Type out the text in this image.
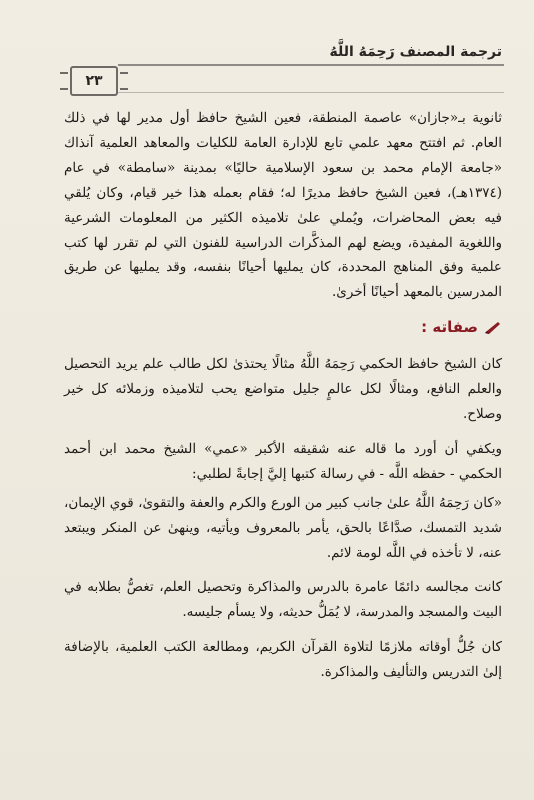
ترجمة المصنف رَحِمَهُ اللَّهُ
٢٣

ثانوية بـ«جازان» عاصمة المنطقة، فعين الشيخ حافظ أول مدير لها في ذلك العام. ثم افتتح معهد علمي تابع للإدارة العامة للكليات والمعاهد العلمية آنذاك «جامعة الإمام محمد بن سعود الإسلامية حاليًا» بمدينة «سامطة» في عام (١٣٧٤هـ)، فعين الشيخ حافظ مديرًا له؛ فقام بعمله هذا خير قيام، وكان يُلقي فيه بعض المحاضرات، ويُملي علىٰ تلاميذه الكثير من المعلومات الشرعية واللغوية المفيدة، ويضع لهم المذكَّرات الدراسية للفنون التي لم تقرر لها كتب علمية وفق المناهج المحددة، كان يمليها أحيانًا بنفسه، وقد يمليها عن طريق المدرسين بالمعهد أحيانًا أخرىٰ.

صفاته :

كان الشيخ حافظ الحكمي رَحِمَهُ اللَّهُ مثالًا يحتذىٰ لكل طالب علم يريد التحصيل والعلم النافع، ومثالًا لكل عالمٍ جليل متواضع يحب لتلاميذه وزملائه كل خير وصلاح.

ويكفي أن أورد ما قاله عنه شقيقه الأكبر «عمي» الشيخ محمد ابن أحمد الحكمي - حفظه اللَّه - في رسالة كتبها إليَّ إجابةً لطلبي:

«كان رَحِمَهُ اللَّهُ علىٰ جانب كبير من الورع والكرم والعفة والتقوىٰ، قوي الإيمان، شديد التمسك، صدَّاعًا بالحق، يأمر بالمعروف ويأتيه، وينهىٰ عن المنكر ويبتعد عنه، لا تأخذه في اللَّه لومة لائم.

كانت مجالسه دائمًا عامرة بالدرس والمذاكرة وتحصيل العلم، تغصُّ بطلابه في البيت والمسجد والمدرسة، لا يُمَلُّ حديثه، ولا يسأم جليسه.

كان جُلُّ أوقاته ملازمًا لتلاوة القرآن الكريم، ومطالعة الكتب العلمية، بالإضافة إلىٰ التدريس والتأليف والمذاكرة.
